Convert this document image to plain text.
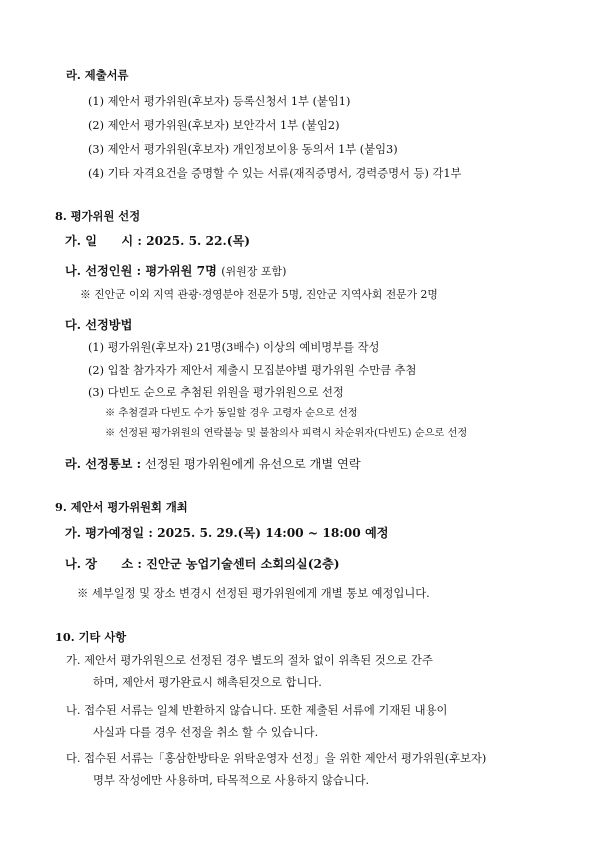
라. 제출서류
(1) 제안서 평가위원(후보자) 등록신청서 1부 (붙임1)
(2) 제안서 평가위원(후보자) 보안각서 1부 (붙임2)
(3) 제안서 평가위원(후보자) 개인정보이용 동의서 1부 (붙임3)
(4) 기타 자격요건을 증명할 수 있는 서류(재직증명서, 경력증명서 등) 각1부
8. 평가위원 선정
가. 일　　시 : 2025. 5. 22.(목)
나. 선정인원 : 평가위원 7명 (위원장 포함)
※ 진안군 이외 지역 관광·경영분야 전문가 5명, 진안군 지역사회 전문가 2명
다. 선정방법
(1) 평가위원(후보자) 21명(3배수) 이상의 예비명부를 작성
(2) 입찰 참가자가 제안서 제출시 모집분야별 평가위원 수만큼 추첨
(3) 다빈도 순으로 추첨된 위원을 평가위원으로 선정
※ 추첨결과 다빈도 수가 동일할 경우 고령자 순으로 선정
※ 선정된 평가위원의 연락불능 및 불참의사 피력시 차순위자(다빈도) 순으로 선정
라. 선정통보 : 선정된 평가위원에게 유선으로 개별 연락
9. 제안서 평가위원회 개최
가. 평가예정일 : 2025. 5. 29.(목) 14:00 ~ 18:00 예정
나. 장　　소 : 진안군 농업기술센터 소회의실(2층)
※ 세부일정 및 장소 변경시 선정된 평가위원에게 개별 통보 예정입니다.
10. 기타 사항
가. 제안서 평가위원으로 선정된 경우 별도의 절차 없이 위촉된 것으로 간주
하며, 제안서 평가완료시 해촉된것으로 합니다.
나. 접수된 서류는 일체 반환하지 않습니다. 또한 제출된 서류에 기재된 내용이
사실과 다를 경우 선정을 취소 할 수 있습니다.
다. 접수된 서류는「홍삼한방타운 위탁운영자 선정」을 위한 제안서 평가위원(후보자)
명부 작성에만 사용하며, 타목적으로 사용하지 않습니다.
